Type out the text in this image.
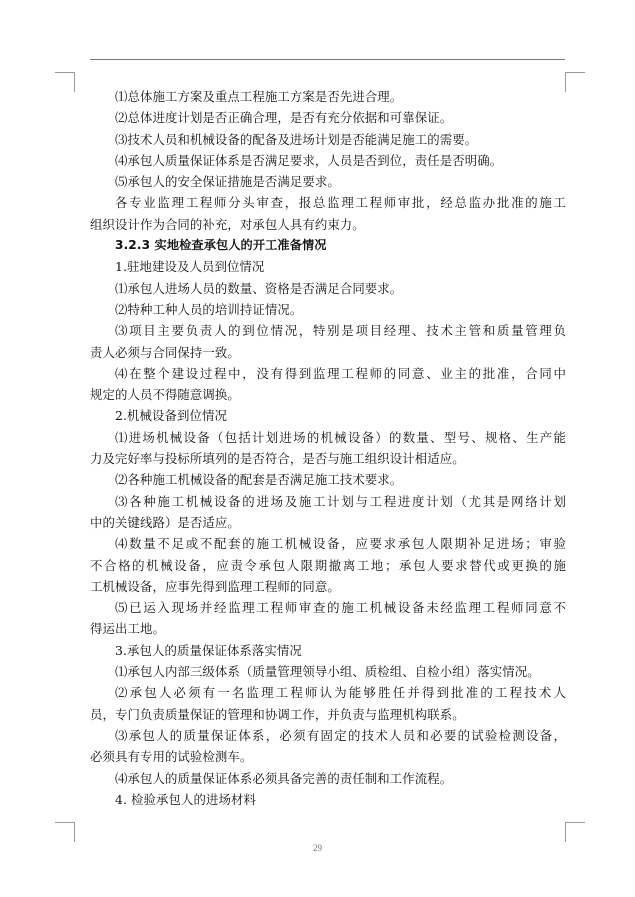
⑴总体施工方案及重点工程施工方案是否先进合理。
⑵总体进度计划是否正确合理，是否有充分依据和可靠保证。
⑶技术人员和机械设备的配备及进场计划是否能满足施工的需要。
⑷承包人质量保证体系是否满足要求，人员是否到位，责任是否明确。
⑸承包人的安全保证措施是否满足要求。
各专业监理工程师分头审查，报总监理工程师审批，经总监办批准的施工
组织设计作为合同的补充，对承包人具有约束力。
3.2.3 实地检查承包人的开工准备情况
1.驻地建设及人员到位情况
⑴承包人进场人员的数量、资格是否满足合同要求。
⑵特种工种人员的培训持证情况。
⑶项目主要负责人的到位情况，特别是项目经理、技术主管和质量管理负
责人必须与合同保持一致。
⑷在整个建设过程中，没有得到监理工程师的同意、业主的批准，合同中
规定的人员不得随意调换。
2.机械设备到位情况
⑴进场机械设备（包括计划进场的机械设备）的数量、型号、规格、生产能
力及完好率与投标所填列的是否符合，是否与施工组织设计相适应。
⑵各种施工机械设备的配套是否满足施工技术要求。
⑶各种施工机械设备的进场及施工计划与工程进度计划（尤其是网络计划
中的关键线路）是否适应。
⑷数量不足或不配套的施工机械设备，应要求承包人限期补足进场；审验
不合格的机械设备，应责令承包人限期撤离工地；承包人要求替代或更换的施
工机械设备，应事先得到监理工程师的同意。
⑸已运入现场并经监理工程师审查的施工机械设备未经监理工程师同意不
得运出工地。
3.承包人的质量保证体系落实情况
⑴承包人内部三级体系（质量管理领导小组、质检组、自检小组）落实情况。
⑵承包人必须有一名监理工程师认为能够胜任并得到批准的工程技术人
员，专门负责质量保证的管理和协调工作，并负责与监理机构联系。
⑶承包人的质量保证体系，必须有固定的技术人员和必要的试验检测设备，
必须具有专用的试验检测车。
⑷承包人的质量保证体系必须具备完善的责任制和工作流程。
4. 检验承包人的进场材料
29
